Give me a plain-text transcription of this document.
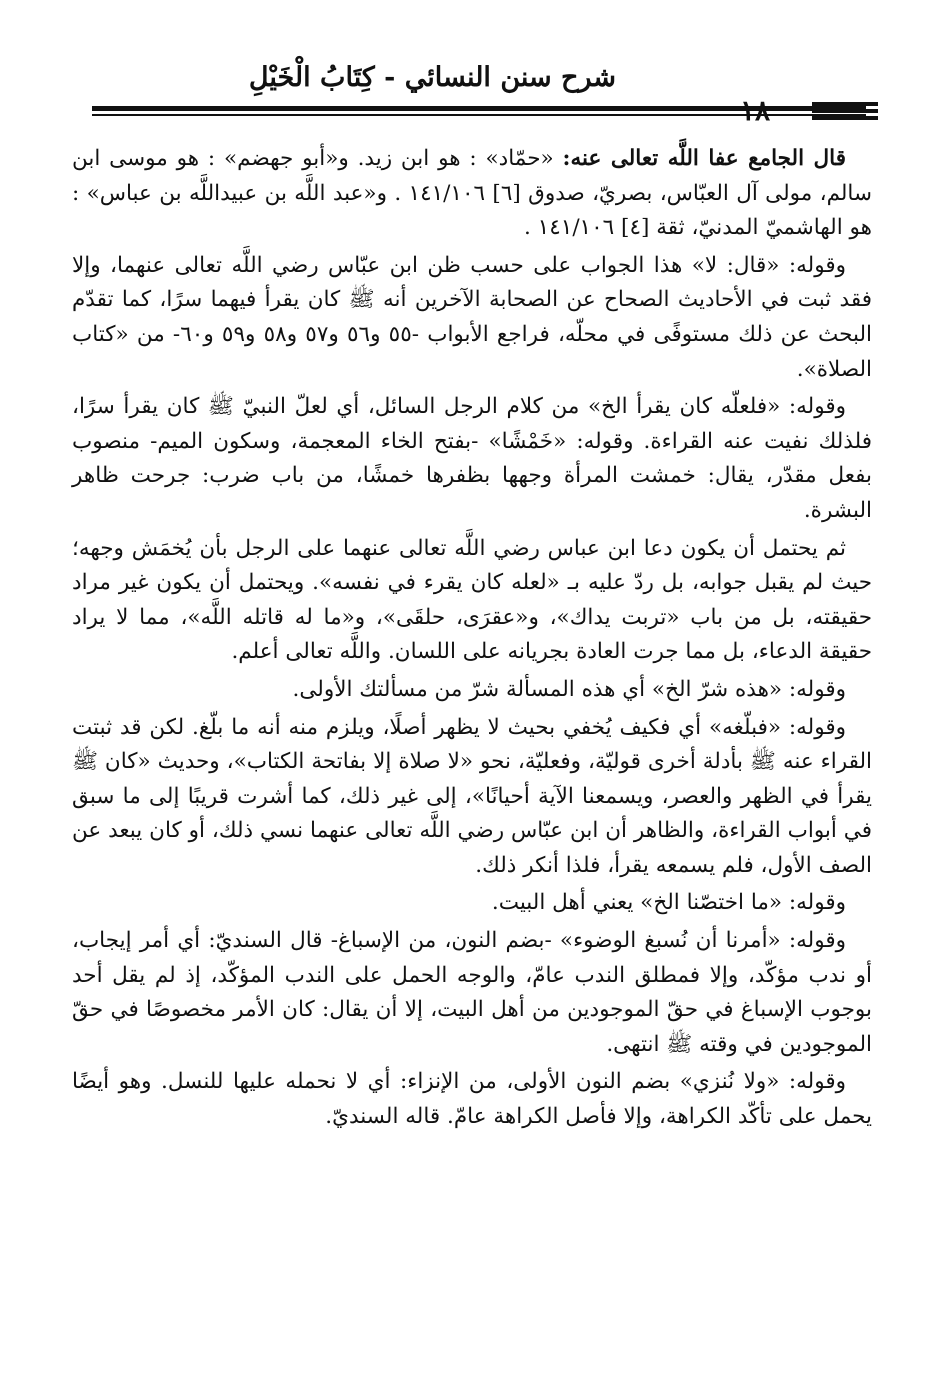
شرح سنن النسائي - كِتَابُ الْخَيْلِ
١٨

قال الجامع عفا اللَّه تعالى عنه: «حمّاد» : هو ابن زيد. و«أبو جهضم» : هو موسى ابن سالم، مولى آل العبّاس، بصريّ، صدوق [٦] ١٤١/١٠٦ . و«عبد اللَّه بن عبيداللَّه بن عباس» : هو الهاشميّ المدنيّ، ثقة [٤] ١٤١/١٠٦ .

وقوله: «قال: لا» هذا الجواب على حسب ظن ابن عبّاس رضي اللَّه تعالى عنهما، وإلا فقد ثبت في الأحاديث الصحاح عن الصحابة الآخرين أنه ﷺ كان يقرأ فيهما سرًا، كما تقدّم البحث عن ذلك مستوفًى في محلّه، فراجع الأبواب -٥٥ و٥٦ و٥٧ و٥٨ و٥٩ و٦٠- من «كتاب الصلاة».

وقوله: «فلعلّه كان يقرأ الخ» من كلام الرجل السائل، أي لعلّ النبيّ ﷺ كان يقرأ سرًا، فلذلك نفيت عنه القراءة. وقوله: «خَمْشًا» -بفتح الخاء المعجمة، وسكون الميم- منصوب بفعل مقدّر، يقال: خمشت المرأة وجهها بظفرها خمشًا، من باب ضرب: جرحت ظاهر البشرة.

ثم يحتمل أن يكون دعا ابن عباس رضي اللَّه تعالى عنهما على الرجل بأن يُخمَش وجهه؛ حيث لم يقبل جوابه، بل ردّ عليه بـ «لعله كان يقرء في نفسه». ويحتمل أن يكون غير مراد حقيقته، بل من باب «تربت يداك»، و«عقرَى، حلقَى»، و«ما له قاتله اللَّه»، مما لا يراد حقيقة الدعاء، بل مما جرت العادة بجريانه على اللسان. واللَّه تعالى أعلم.

وقوله: «هذه شرّ الخ» أي هذه المسألة شرّ من مسألتك الأولى.

وقوله: «فبلّغه» أي فكيف يُخفي بحيث لا يظهر أصلًا، ويلزم منه أنه ما بلّغ. لكن قد ثبتت القراء عنه ﷺ بأدلة أخرى قوليّة، وفعليّة، نحو «لا صلاة إلا بفاتحة الكتاب»، وحديث «كان ﷺ يقرأ في الظهر والعصر، ويسمعنا الآية أحيانًا»، إلى غير ذلك، كما أشرت قريبًا إلى ما سبق في أبواب القراءة، والظاهر أن ابن عبّاس رضي اللَّه تعالى عنهما نسي ذلك، أو كان يبعد عن الصف الأول، فلم يسمعه يقرأ، فلذا أنكر ذلك.

وقوله: «ما اختصّنا الخ» يعني أهل البيت.

وقوله: «أمرنا أن نُسبغ الوضوء» -بضم النون، من الإسباغ- قال السنديّ: أي أمر إيجاب، أو ندب مؤكّد، وإلا فمطلق الندب عامّ، والوجه الحمل على الندب المؤكّد، إذ لم يقل أحد بوجوب الإسباغ في حقّ الموجودين من أهل البيت، إلا أن يقال: كان الأمر مخصوصًا في حقّ الموجودين في وقته ﷺ انتهى.

وقوله: «ولا نُنزي» بضم النون الأولى، من الإنزاء: أي لا نحمله عليها للنسل. وهو أيضًا يحمل على تأكّد الكراهة، وإلا فأصل الكراهة عامّ. قاله السنديّ.
